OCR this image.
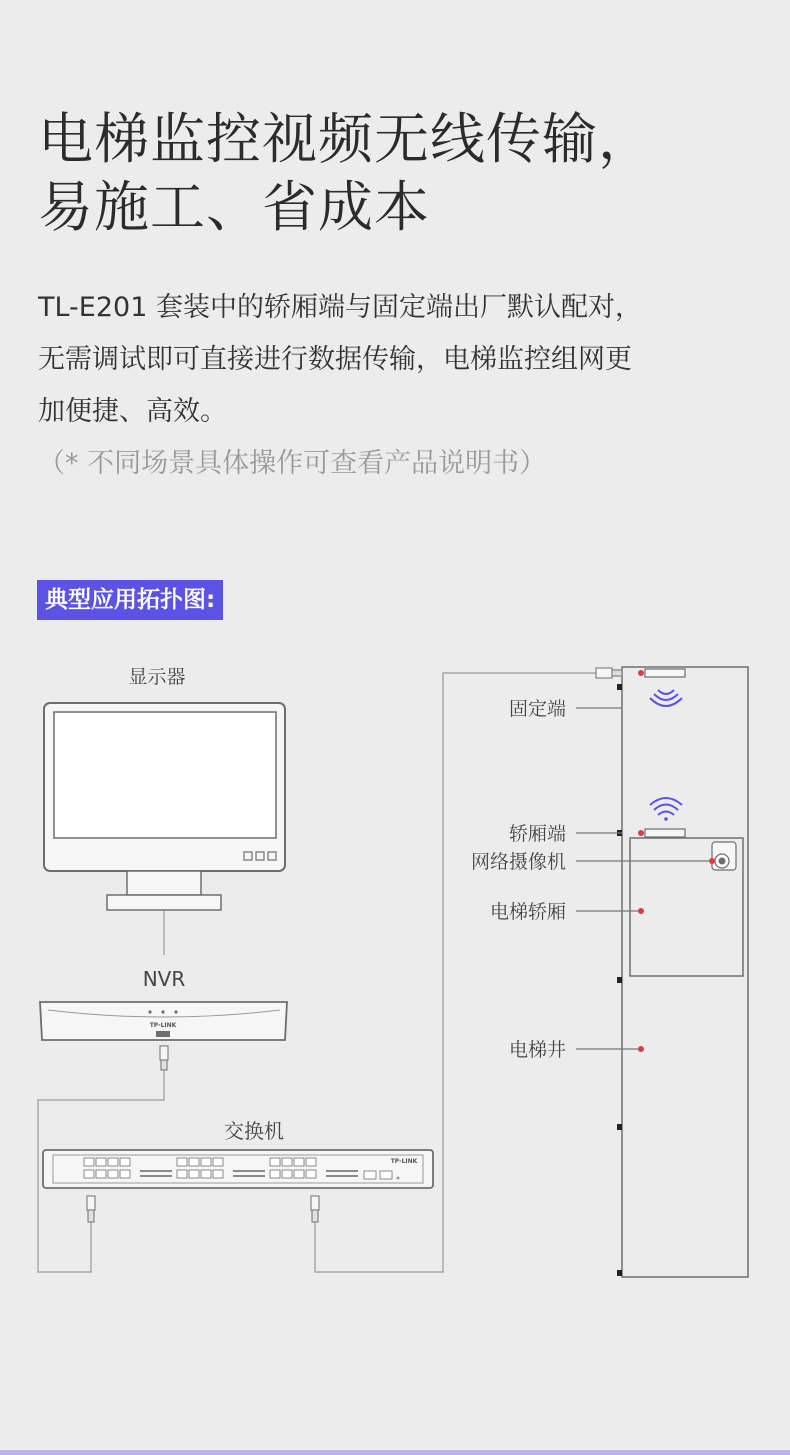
电梯监控视频无线传输，
易施工、省成本
TL-E201 套装中的轿厢端与固定端出厂默认配对，
无需调试即可直接进行数据传输，电梯监控组网更
加便捷、高效。
（* 不同场景具体操作可查看产品说明书）
典型应用拓扑图:
显示器
NVR
TP-LINK
交换机
TP-LINK
固定端
轿厢端
网络摄像机
电梯轿厢
电梯井
